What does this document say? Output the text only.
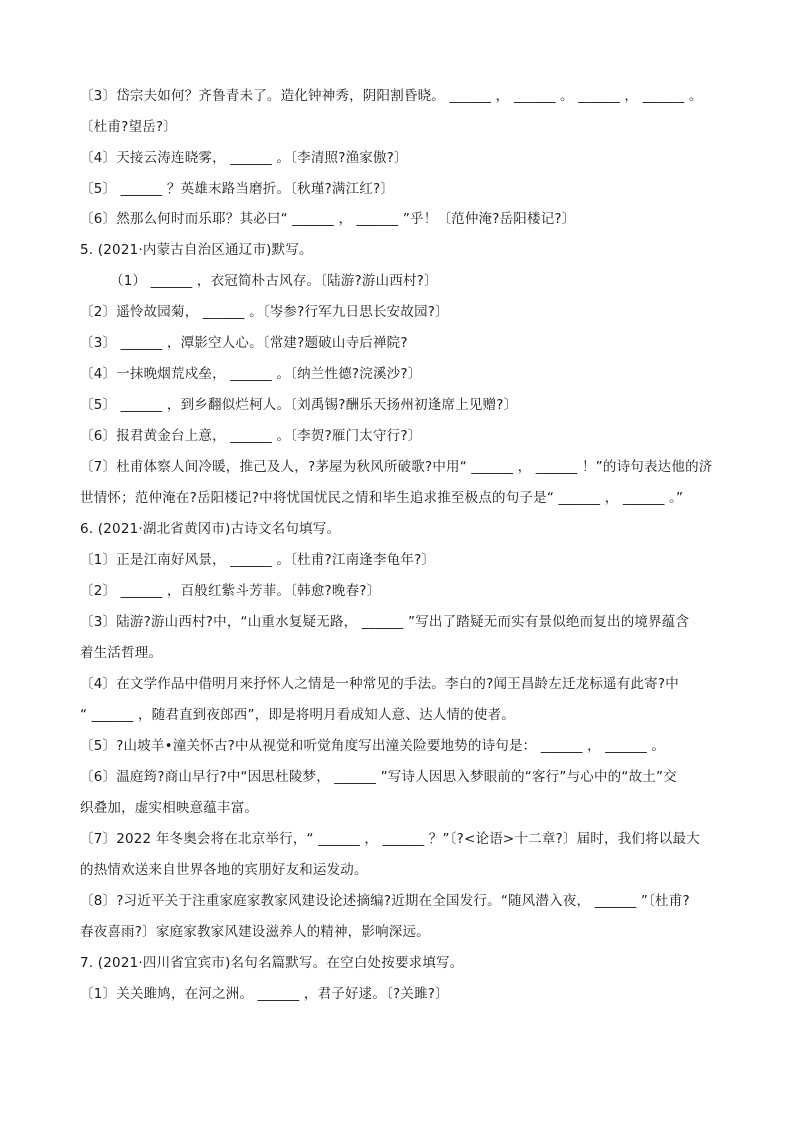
〔3〕岱宗夫如何？齐鲁青未了。造化钟神秀，阴阳割昏晓。 ______ ， ______ 。 ______ ， ______ 。
〔杜甫?望岳?〕
〔4〕天接云涛连晓雾， ______ 。〔李清照?渔家傲?〕
〔5〕 ______ ？英雄末路当磨折。〔秋瑾?满江红?〕
〔6〕然那么何时而乐耶？其必曰“ ______ ， ______ ”乎！〔范仲淹?岳阳楼记?〕
5. (2021·内蒙古自治区通辽市)默写。
（1） ______ ，衣冠简朴古风存。〔陆游?游山西村?〕
〔2〕遥怜故园菊， ______ 。〔岑参?行军九日思长安故园?〕
〔3〕 ______ ，潭影空人心。〔常建?题破山寺后禅院?
〔4〕一抹晚烟荒戍垒， ______ 。〔纳兰性德?浣溪沙?〕
〔5〕 ______ ，到乡翻似烂柯人。〔刘禹锡?酬乐天扬州初逢席上见赠?〕
〔6〕报君黄金台上意， ______ 。〔李贺?雁门太守行?〕
〔7〕杜甫体察人间冷暖，推己及人，?茅屋为秋风所破歌?中用“ ______ ， ______ ！”的诗句表达他的济
世情怀；范仲淹在?岳阳楼记?中将忧国忧民之情和毕生追求推至极点的句子是“ ______ ， ______ 。”
6. (2021·湖北省黄冈市)古诗文名句填写。
〔1〕正是江南好风景， ______ 。〔杜甫?江南逢李龟年?〕
〔2〕 ______ ，百般红紫斗芳菲。〔韩愈?晚春?〕
〔3〕陆游?游山西村?中，“山重水复疑无路， ______ ”写出了踏疑无而实有景似绝而复出的境界蕴含
着生活哲理。
〔4〕在文学作品中借明月来抒怀人之情是一种常见的手法。李白的?闻王昌龄左迁龙标遥有此寄?中
“ ______ ，随君直到夜郎西”，即是将明月看成知人意、达人情的使者。
〔5〕?山坡羊•潼关怀古?中从视觉和听觉角度写出潼关险要地势的诗句是： ______ ， ______ 。
〔6〕温庭筠?商山早行?中“因思杜陵梦， ______ ”写诗人因思入梦眼前的“客行”与心中的“故土”交
织叠加，虚实相映意蕴丰富。
〔7〕2022 年冬奥会将在北京举行，“ ______ ， ______ ？”〔?<论语>十二章?〕届时，我们将以最大
的热情欢送来自世界各地的宾朋好友和运发动。
〔8〕?习近平关于注重家庭家教家风建设论述摘编?近期在全国发行。“随风潜入夜， ______ ”〔杜甫?
春夜喜雨?〕家庭家教家风建设滋养人的精神，影响深远。
7. (2021·四川省宜宾市)名句名篇默写。在空白处按要求填写。
〔1〕关关雎鸠，在河之洲。 ______ ，君子好逑。〔?关雎?〕
